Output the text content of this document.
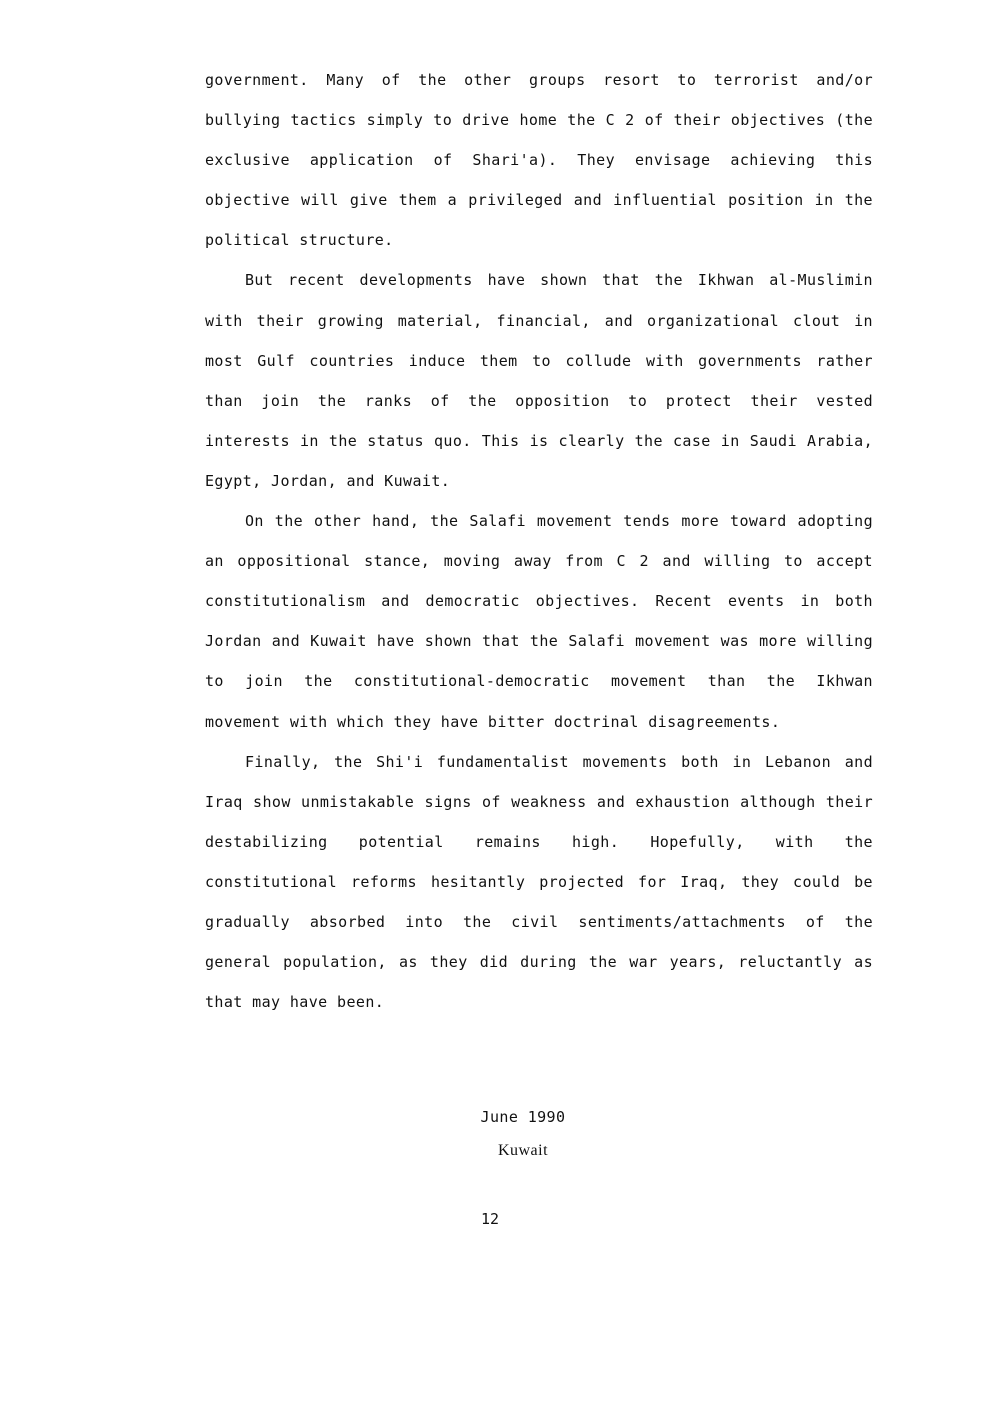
government. Many of the other groups resort to terrorist and/or bullying tactics simply to drive home the C 2 of their objectives (the exclusive application of Shari'a). They envisage achieving this objective will give them a privileged and influential position in the political structure.

But recent developments have shown that the Ikhwan al-Muslimin with their growing material, financial, and organizational clout in most Gulf countries induce them to collude with governments rather than join the ranks of the opposition to protect their vested interests in the status quo. This is clearly the case in Saudi Arabia, Egypt, Jordan, and Kuwait.

On the other hand, the Salafi movement tends more toward adopting an oppositional stance, moving away from C 2 and willing to accept constitutionalism and democratic objectives. Recent events in both Jordan and Kuwait have shown that the Salafi movement was more willing to join the constitutional-democratic movement than the Ikhwan movement with which they have bitter doctrinal disagreements.

Finally, the Shi'i fundamentalist movements both in Lebanon and Iraq show unmistakable signs of weakness and exhaustion although their destabilizing potential remains high. Hopefully, with the constitutional reforms hesitantly projected for Iraq, they could be gradually absorbed into the civil sentiments/attachments of the general population, as they did during the war years, reluctantly as that may have been.

June 1990
Kuwait
12
